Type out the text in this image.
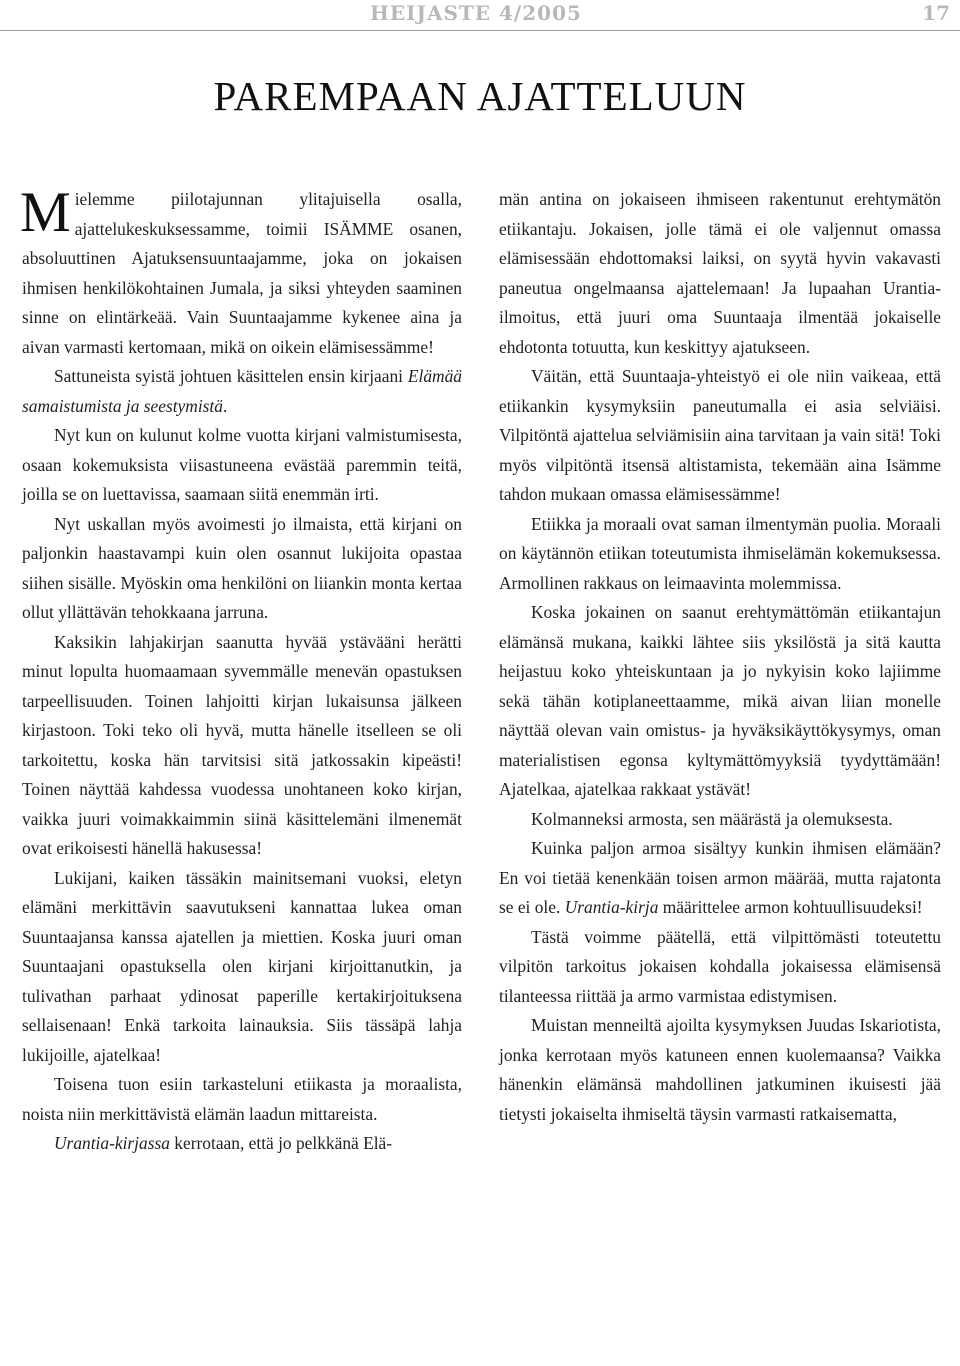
HEIJASTE 4/2005	17
PAREMPAAN AJATTELUUN

Mielemme piilotajunnan ylitajuisella osalla, ajattelukeskuksessamme, toimii ISÄMME osanen, absoluuttinen Ajatuksensuuntaajamme, joka on jokaisen ihmisen henkilökohtainen Jumala, ja siksi yhteyden saaminen sinne on elintärkeää. Vain Suuntaajamme kykenee aina ja aivan varmasti kertomaan, mikä on oikein elämisessämme!

Sattuneista syistä johtuen käsittelen ensin kirjaani Elämää samaistumista ja seestymistä.

Nyt kun on kulunut kolme vuotta kirjani valmistumisesta, osaan kokemuksista viisastuneena evästää paremmin teitä, joilla se on luettavissa, saamaan siitä enemmän irti.

Nyt uskallan myös avoimesti jo ilmaista, että kirjani on paljonkin haastavampi kuin olen osannut lukijoita opastaa siihen sisälle. Myöskin oma henkilöni on liiankin monta kertaa ollut yllättävän tehokkaana jarruna.

Kaksikin lahjakirjan saanutta hyvää ystävääni herätti minut lopulta huomaamaan syvemmälle menevän opastuksen tarpeellisuuden. Toinen lahjoitti kirjan lukaisunsa jälkeen kirjastoon. Toki teko oli hyvä, mutta hänelle itselleen se oli tarkoitettu, koska hän tarvitsisi sitä jatkossakin kipeästi! Toinen näyttää kahdessa vuodessa unohtaneen koko kirjan, vaikka juuri voimakkaimmin siinä käsittelemäni ilmenemät ovat erikoisesti hänellä hakusessa!

Lukijani, kaiken tässäkin mainitsemani vuoksi, eletyn elämäni merkittävin saavutukseni kannattaa lukea oman Suuntaajansa kanssa ajatellen ja miettien. Koska juuri oman Suuntaajani opastuksella olen kirjani kirjoittanutkin, ja tulivathan parhaat ydinosat paperille kertakirjoituksena sellaisenaan! Enkä tarkoita lainauksia. Siis tässäpä lahja lukijoille, ajatelkaa!

Toisena tuon esiin tarkasteluni etiikasta ja moraalista, noista niin merkittävistä elämän laadun mittareista.

Urantia-kirjassa kerrotaan, että jo pelkkänä Elä-

män antina on jokaiseen ihmiseen rakentunut erehtymätön etiikantaju. Jokaisen, jolle tämä ei ole valjennut omassa elämisessään ehdottomaksi laiksi, on syytä hyvin vakavasti paneutua ongelmaansa ajattelemaan! Ja lupaahan Urantia-ilmoitus, että juuri oma Suuntaaja ilmentää jokaiselle ehdotonta totuutta, kun keskittyy ajatukseen.

Väitän, että Suuntaaja-yhteistyö ei ole niin vaikeaa, että etiikankin kysymyksiin paneutumalla ei asia selviäisi. Vilpitöntä ajattelua selviämisiin aina tarvitaan ja vain sitä! Toki myös vilpitöntä itsensä altistamista, tekemään aina Isämme tahdon mukaan omassa elämisessämme!

Etiikka ja moraali ovat saman ilmentymän puolia. Moraali on käytännön etiikan toteutumista ihmiselämän kokemuksessa. Armollinen rakkaus on leimaavinta molemmissa.

Koska jokainen on saanut erehtymättömän etiikantajun elämänsä mukana, kaikki lähtee siis yksilöstä ja sitä kautta heijastuu koko yhteiskuntaan ja jo nykyisin koko lajiimme sekä tähän kotiplaneettaamme, mikä aivan liian monelle näyttää olevan vain omistus- ja hyväksikäyttökysymys, oman materialistisen egonsa kyltymättömyyksiä tyydyttämään! Ajatelkaa, ajatelkaa rakkaat ystävät!

Kolmanneksi armosta, sen määrästä ja olemuksesta.

Kuinka paljon armoa sisältyy kunkin ihmisen elämään? En voi tietää kenenkään toisen armon määrää, mutta rajatonta se ei ole. Urantia-kirja määrittelee armon kohtuullisuudeksi!

Tästä voimme päätellä, että vilpittömästi toteutettu vilpitön tarkoitus jokaisen kohdalla jokaisessa elämisensä tilanteessa riittää ja armo varmistaa edistymisen.

Muistan menneiltä ajoilta kysymyksen Juudas Iskariotista, jonka kerrotaan myös katuneen ennen kuolemaansa? Vaikka hänenkin elämänsä mahdollinen jatkuminen ikuisesti jää tietysti jokaiselta ihmiseltä täysin varmasti ratkaisematta,
